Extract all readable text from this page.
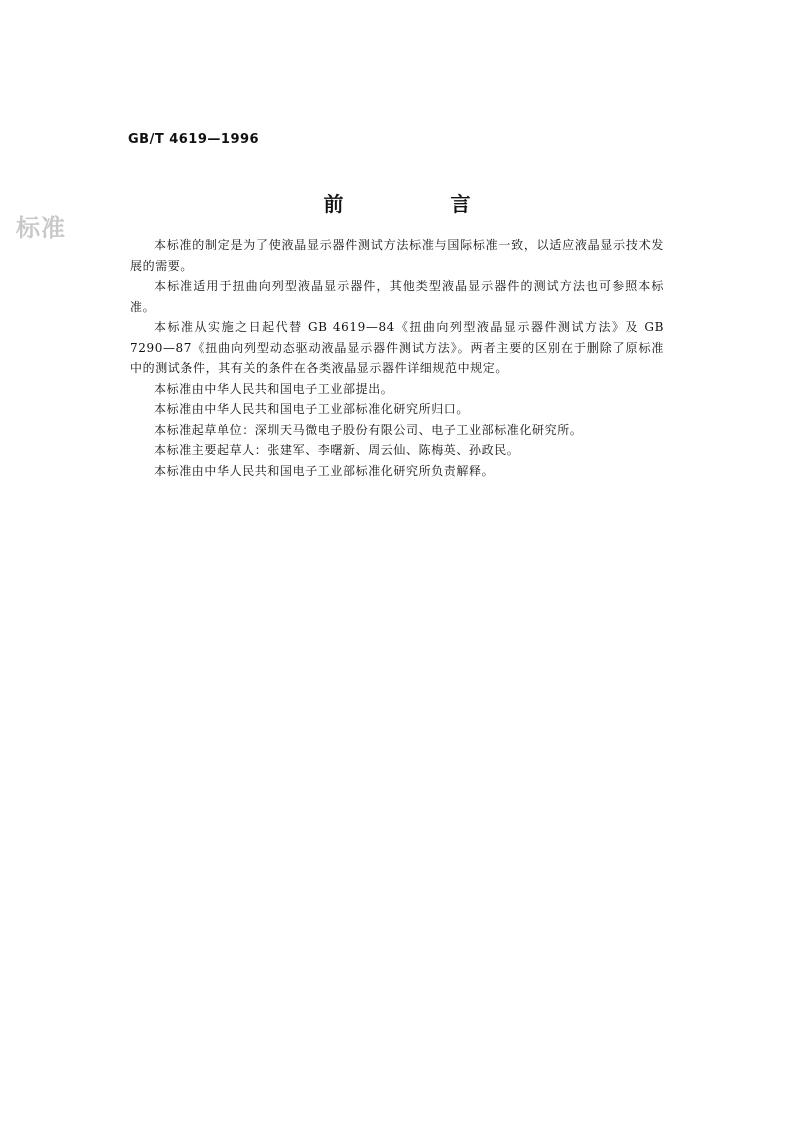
GB/T 4619—1996
标准
前 言

本标准的制定是为了使液晶显示器件测试方法标准与国际标准一致，以适应液晶显示技术发展的需要。

本标准适用于扭曲向列型液晶显示器件，其他类型液晶显示器件的测试方法也可参照本标准。

本标准从实施之日起代替 GB 4619—84《扭曲向列型液晶显示器件测试方法》及 GB 7290—87《扭曲向列型动态驱动液晶显示器件测试方法》。两者主要的区别在于删除了原标准中的测试条件，其有关的条件在各类液晶显示器件详细规范中规定。

本标准由中华人民共和国电子工业部提出。

本标准由中华人民共和国电子工业部标准化研究所归口。

本标准起草单位：深圳天马微电子股份有限公司、电子工业部标准化研究所。

本标准主要起草人：张建军、李曙新、周云仙、陈梅英、孙政民。

本标准由中华人民共和国电子工业部标准化研究所负责解释。
